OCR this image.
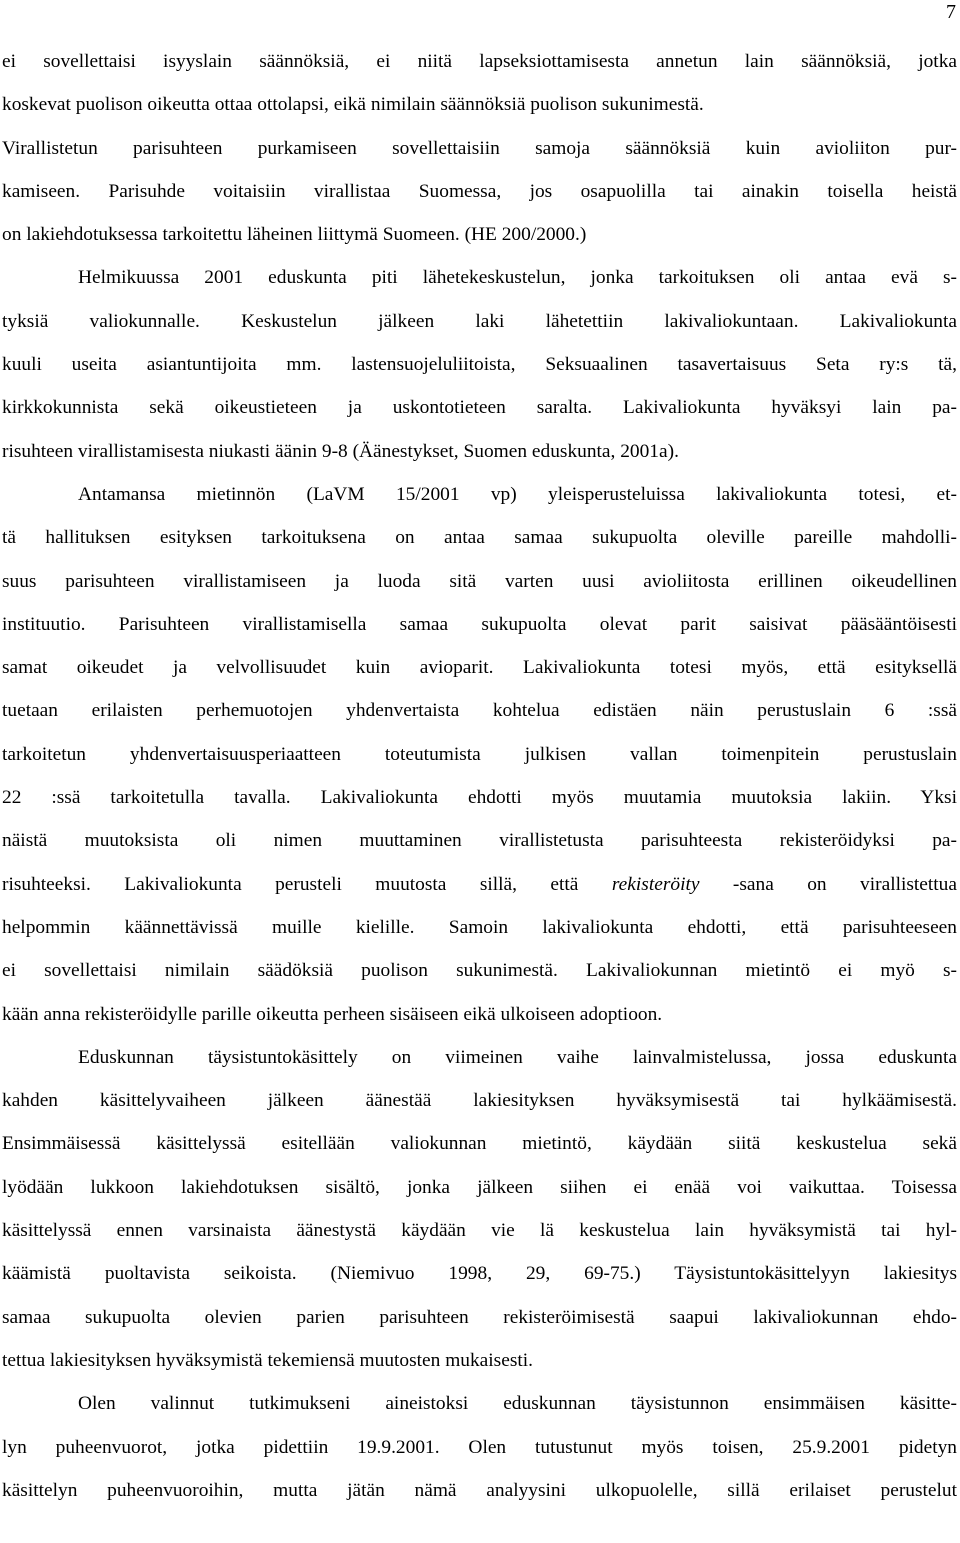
7
ei sovellettaisi isyyslain säännöksiä, ei niitä lapseksiottamisesta annetun lain säännöksiä, jotka
koskevat puolison oikeutta ottaa ottolapsi, eikä nimilain säännöksiä puolison sukunimestä.
Virallistetun parisuhteen purkamiseen sovellettaisiin samoja säännöksiä kuin avioliiton pur-
kamiseen. Parisuhde voitaisiin virallistaa Suomessa, jos osapuolilla tai ainakin toisella heistä
on lakiehdotuksessa tarkoitettu läheinen liittymä Suomeen. (HE 200/2000.)
Helmikuussa 2001 eduskunta piti lähetekeskustelun, jonka tarkoituksen oli antaa evä s-
tyksiä valiokunnalle. Keskustelun jälkeen laki lähetettiin lakivaliokuntaan. Lakivaliokunta
kuuli useita asiantuntijoita mm. lastensuojeluliitoista, Seksuaalinen tasavertaisuus Seta ry:s tä,
kirkkokunnista sekä oikeustieteen ja uskontotieteen saralta. Lakivaliokunta hyväksyi lain pa-
risuhteen virallistamisesta niukasti äänin 9-8 (Äänestykset, Suomen eduskunta, 2001a).
Antamansa mietinnön (LaVM 15/2001 vp) yleisperusteluissa lakivaliokunta totesi, et-
tä hallituksen esityksen tarkoituksena on antaa samaa sukupuolta oleville pareille mahdolli-
suus parisuhteen virallistamiseen ja luoda sitä varten uusi avioliitosta erillinen oikeudellinen
instituutio. Parisuhteen virallistamisella samaa sukupuolta olevat parit saisivat pääsääntöisesti
samat oikeudet ja velvollisuudet kuin avioparit. Lakivaliokunta totesi myös, että esityksellä
tuetaan erilaisten perhemuotojen yhdenvertaista kohtelua edistäen näin perustuslain 6 :ssä
tarkoitetun yhdenvertaisuusperiaatteen toteutumista julkisen vallan toimenpitein perustuslain
22 :ssä tarkoitetulla tavalla. Lakivaliokunta ehdotti myös muutamia muutoksia lakiin. Yksi
näistä muutoksista oli nimen muuttaminen virallistetusta parisuhteesta rekisteröidyksi pa-
risuhteeksi. Lakivaliokunta perusteli muutosta sillä, että rekisteröity -sana on virallistettua
helpommin käännettävissä muille kielille. Samoin lakivaliokunta ehdotti, että parisuhteeseen
ei sovellettaisi nimilain säädöksiä puolison sukunimestä. Lakivaliokunnan mietintö ei myö s-
kään anna rekisteröidylle parille oikeutta perheen sisäiseen eikä ulkoiseen adoptioon.
Eduskunnan täysistuntokäsittely on viimeinen vaihe lainvalmistelussa, jossa eduskunta
kahden käsittelyvaiheen jälkeen äänestää lakiesityksen hyväksymisestä tai hylkäämisestä.
Ensimmäisessä käsittelyssä esitellään valiokunnan mietintö, käydään siitä keskustelua sekä
lyödään lukkoon lakiehdotuksen sisältö, jonka jälkeen siihen ei enää voi vaikuttaa. Toisessa
käsittelyssä ennen varsinaista äänestystä käydään vie lä keskustelua lain hyväksymistä tai hyl-
käämistä puoltavista seikoista. (Niemivuo 1998, 29, 69-75.) Täysistuntokäsittelyyn lakiesitys
samaa sukupuolta olevien parien parisuhteen rekisteröimisestä saapui lakivaliokunnan ehdo-
tettua lakiesityksen hyväksymistä tekemiensä muutosten mukaisesti.
Olen valinnut tutkimukseni aineistoksi eduskunnan täysistunnon ensimmäisen käsitte-
lyn puheenvuorot, jotka pidettiin 19.9.2001. Olen tutustunut myös toisen, 25.9.2001 pidetyn
käsittelyn puheenvuoroihin, mutta jätän nämä analyysini ulkopuolelle, sillä erilaiset perustelut
